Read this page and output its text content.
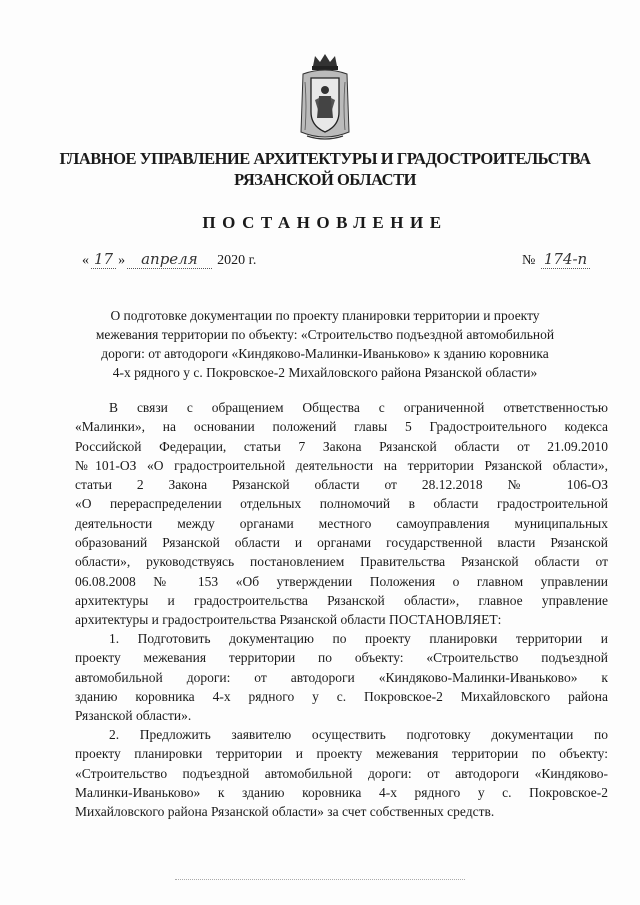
ГЛАВНОЕ УПРАВЛЕНИЕ АРХИТЕКТУРЫ И ГРАДОСТРОИТЕЛЬСТВА
РЯЗАНСКОЙ ОБЛАСТИ
ПОСТАНОВЛЕНИЕ
« 17 » апреля 2020 г.	№ 174-п
О подготовке документации по проекту планировки территории и проекту
межевания территории по объекту: «Строительство подъездной автомобильной
дороги: от автодороги «Киндяково-Малинки-Иваньково» к зданию коровника
4-х рядного у с. Покровское-2 Михайловского района Рязанской области»
В связи с обращением Общества с ограниченной ответственностью
«Малинки», на основании положений главы 5 Градостроительного кодекса
Российской Федерации, статьи 7 Закона Рязанской области от 21.09.2010
№101-ОЗ «О градостроительной деятельности на территории Рязанской области»,
статьи 2 Закона Рязанской области от 28.12.2018 № 106-ОЗ
«О перераспределении отдельных полномочий в области градостроительной
деятельности между органами местного самоуправления муниципальных
образований Рязанской области и органами государственной власти Рязанской
области», руководствуясь постановлением Правительства Рязанской области от
06.08.2008 № 153 «Об утверждении Положения о главном управлении
архитектуры и градостроительства Рязанской области», главное управление
архитектуры и градостроительства Рязанской области ПОСТАНОВЛЯЕТ:
1. Подготовить документацию по проекту планировки территории и
проекту межевания территории по объекту: «Строительство подъездной
автомобильной дороги: от автодороги «Киндяково-Малинки-Иваньково» к
зданию коровника 4-х рядного у с. Покровское-2 Михайловского района
Рязанской области».
2. Предложить заявителю осуществить подготовку документации по
проекту планировки территории и проекту межевания территории по объекту:
«Строительство подъездной автомобильной дороги: от автодороги «Киндяково-
Малинки-Иваньково» к зданию коровника 4-х рядного у с. Покровское-2
Михайловского района Рязанской области» за счет собственных средств.
